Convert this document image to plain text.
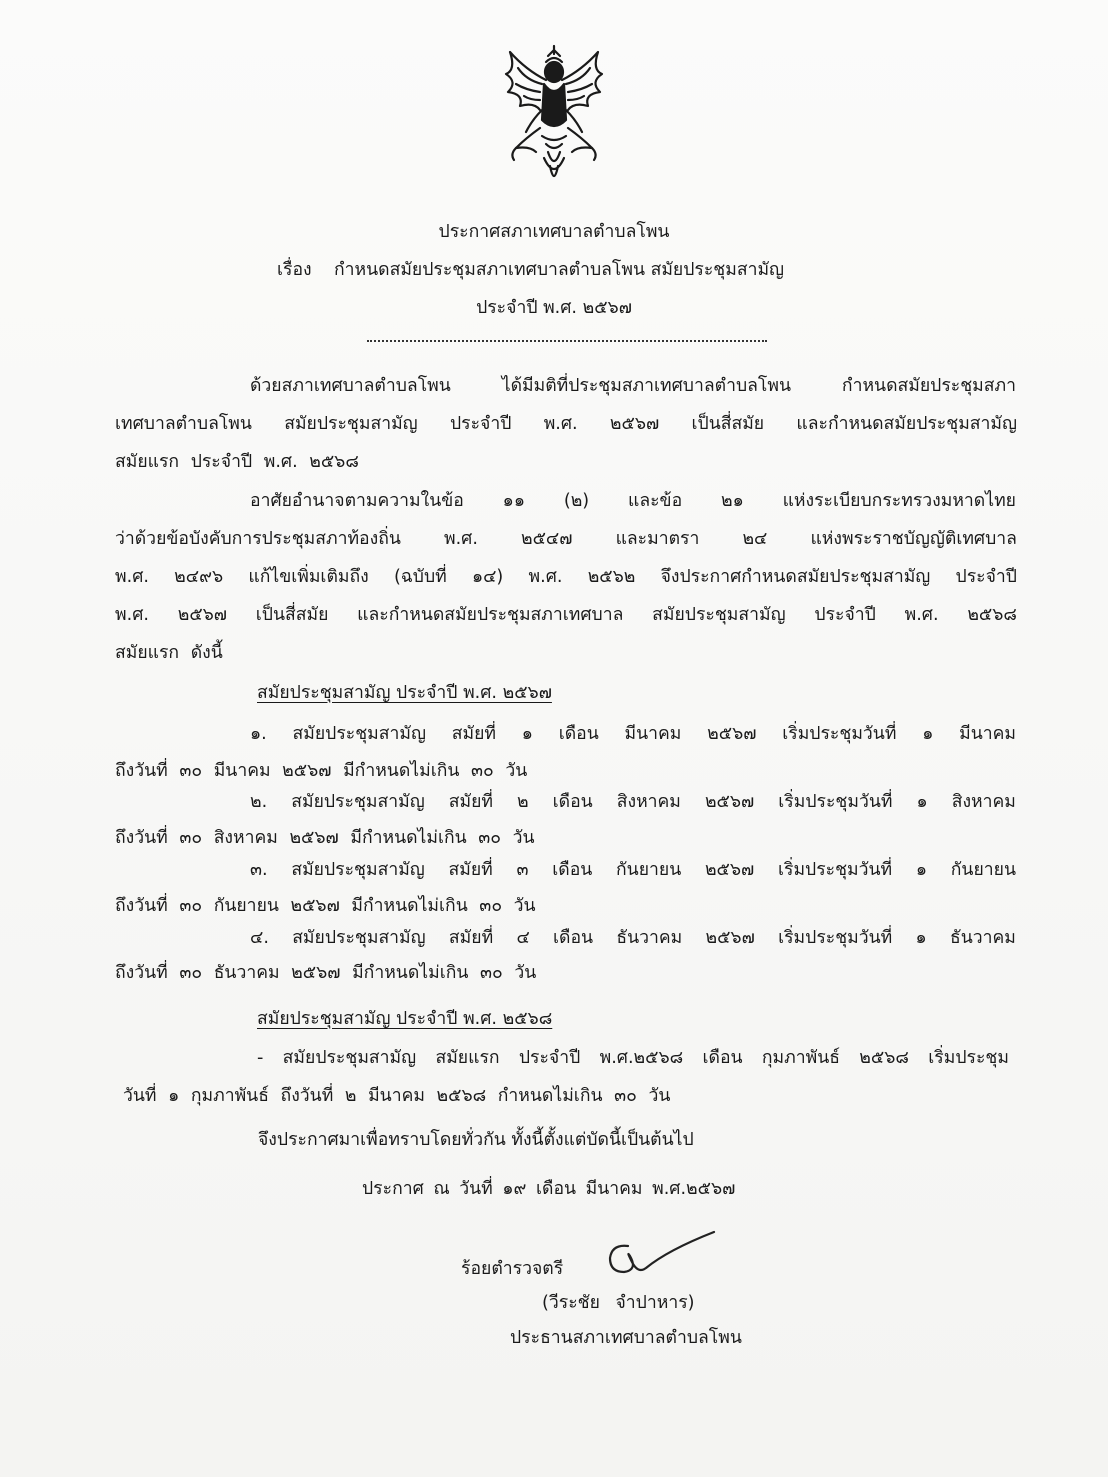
ประกาศสภาเทศบาลตำบลโพน
เรื่อง กำหนดสมัยประชุมสภาเทศบาลตำบลโพน สมัยประชุมสามัญ
ประจำปี พ.ศ. ๒๕๖๗
ด้วยสภาเทศบาลตำบลโพน	ได้มีมติที่ประชุมสภาเทศบาลตำบลโพน	กำหนดสมัยประชุมสภา
เทศบาลตำบลโพน สมัยประชุมสามัญ ประจำปี พ.ศ. ๒๕๖๗ เป็นสี่สมัย และกำหนดสมัยประชุมสามัญ
สมัยแรก ประจำปี พ.ศ. ๒๕๖๘
อาศัยอำนาจตามความในข้อ ๑๑ (๒) และข้อ ๒๑ แห่งระเบียบกระทรวงมหาดไทย
ว่าด้วยข้อบังคับการประชุมสภาท้องถิ่น พ.ศ. ๒๕๔๗ และมาตรา ๒๔ แห่งพระราชบัญญัติเทศบาล
พ.ศ. ๒๔๙๖ แก้ไขเพิ่มเติมถึง (ฉบับที่ ๑๔) พ.ศ. ๒๕๖๒ จึงประกาศกำหนดสมัยประชุมสามัญ ประจำปี
พ.ศ. ๒๕๖๗ เป็นสี่สมัย และกำหนดสมัยประชุมสภาเทศบาล สมัยประชุมสามัญ ประจำปี พ.ศ. ๒๕๖๘
สมัยแรก ดังนี้
สมัยประชุมสามัญ ประจำปี พ.ศ. ๒๕๖๗
๑. สมัยประชุมสามัญ สมัยที่ ๑ เดือน มีนาคม ๒๕๖๗ เริ่มประชุมวันที่ ๑ มีนาคม
ถึงวันที่ ๓๐ มีนาคม ๒๕๖๗ มีกำหนดไม่เกิน ๓๐ วัน
๒. สมัยประชุมสามัญ สมัยที่ ๒ เดือน สิงหาคม ๒๕๖๗ เริ่มประชุมวันที่ ๑ สิงหาคม
ถึงวันที่ ๓๐ สิงหาคม ๒๕๖๗ มีกำหนดไม่เกิน ๓๐ วัน
๓. สมัยประชุมสามัญ สมัยที่ ๓ เดือน กันยายน ๒๕๖๗ เริ่มประชุมวันที่ ๑ กันยายน
ถึงวันที่ ๓๐ กันยายน ๒๕๖๗ มีกำหนดไม่เกิน ๓๐ วัน
๔. สมัยประชุมสามัญ สมัยที่ ๔ เดือน ธันวาคม ๒๕๖๗ เริ่มประชุมวันที่ ๑ ธันวาคม
ถึงวันที่ ๓๐ ธันวาคม ๒๕๖๗ มีกำหนดไม่เกิน ๓๐ วัน
สมัยประชุมสามัญ ประจำปี พ.ศ. ๒๕๖๘
- สมัยประชุมสามัญ สมัยแรก ประจำปี พ.ศ.๒๕๖๘ เดือน กุมภาพันธ์ ๒๕๖๘ เริ่มประชุม
วันที่ ๑ กุมภาพันธ์ ถึงวันที่ ๒ มีนาคม ๒๕๖๘ กำหนดไม่เกิน ๓๐ วัน
จึงประกาศมาเพื่อทราบโดยทั่วกัน ทั้งนี้ตั้งแต่บัดนี้เป็นต้นไป
ประกาศ ณ วันที่ ๑๙ เดือน มีนาคม พ.ศ.๒๕๖๗
ร้อยตำรวจตรี
(วีระชัย จำปาหาร)
ประธานสภาเทศบาลตำบลโพน
